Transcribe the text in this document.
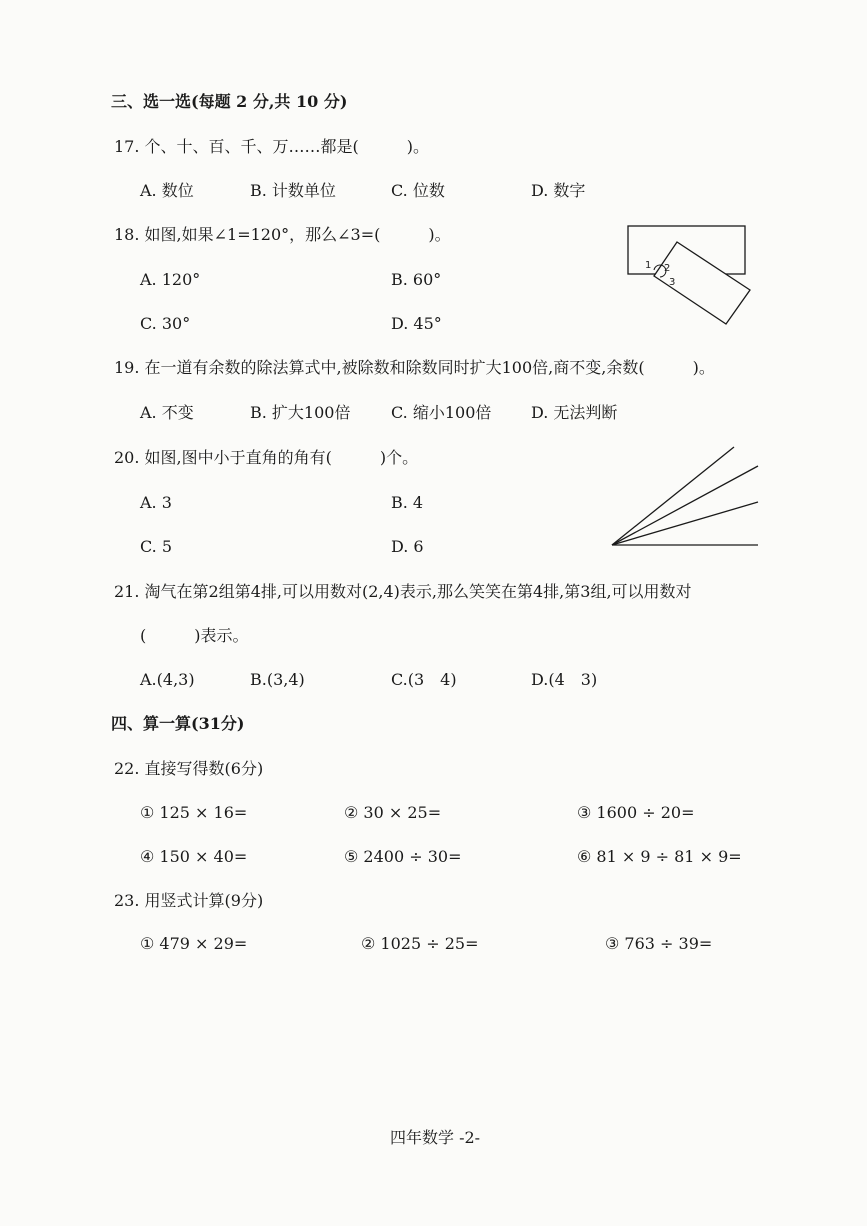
三、选一选(每题 2 分,共 10 分)
17. 个、十、百、千、万……都是(　　　)。
A. 数位	B. 计数单位	C. 位数	D. 数字
18. 如图,如果∠1=120°，那么∠3=(　　　)。
A. 120°	B. 60°
C. 30°	D. 45°
1 2
3
19. 在一道有余数的除法算式中,被除数和除数同时扩大100倍,商不变,余数(　　　)。
A. 不变	B. 扩大100倍	C. 缩小100倍 D. 无法判断
20. 如图,图中小于直角的角有(　　　)个。
A. 3	B. 4
C. 5	D. 6
21. 淘气在第2组第4排,可以用数对(2,4)表示,那么笑笑在第4排,第3组,可以用数对
(　　　)表示。
A.(4,3)	B.(3,4)	C.(3　4)	D.(4　3)
四、算一算(31分)
22. 直接写得数(6分)
① 125 × 16=	② 30 × 25=	③ 1600 ÷ 20=
④ 150 × 40=	⑤ 2400 ÷ 30=	⑥ 81 × 9 ÷ 81 × 9=
23. 用竖式计算(9分)
① 479 × 29=	② 1025 ÷ 25=	③ 763 ÷ 39=
四年数学 -2-
